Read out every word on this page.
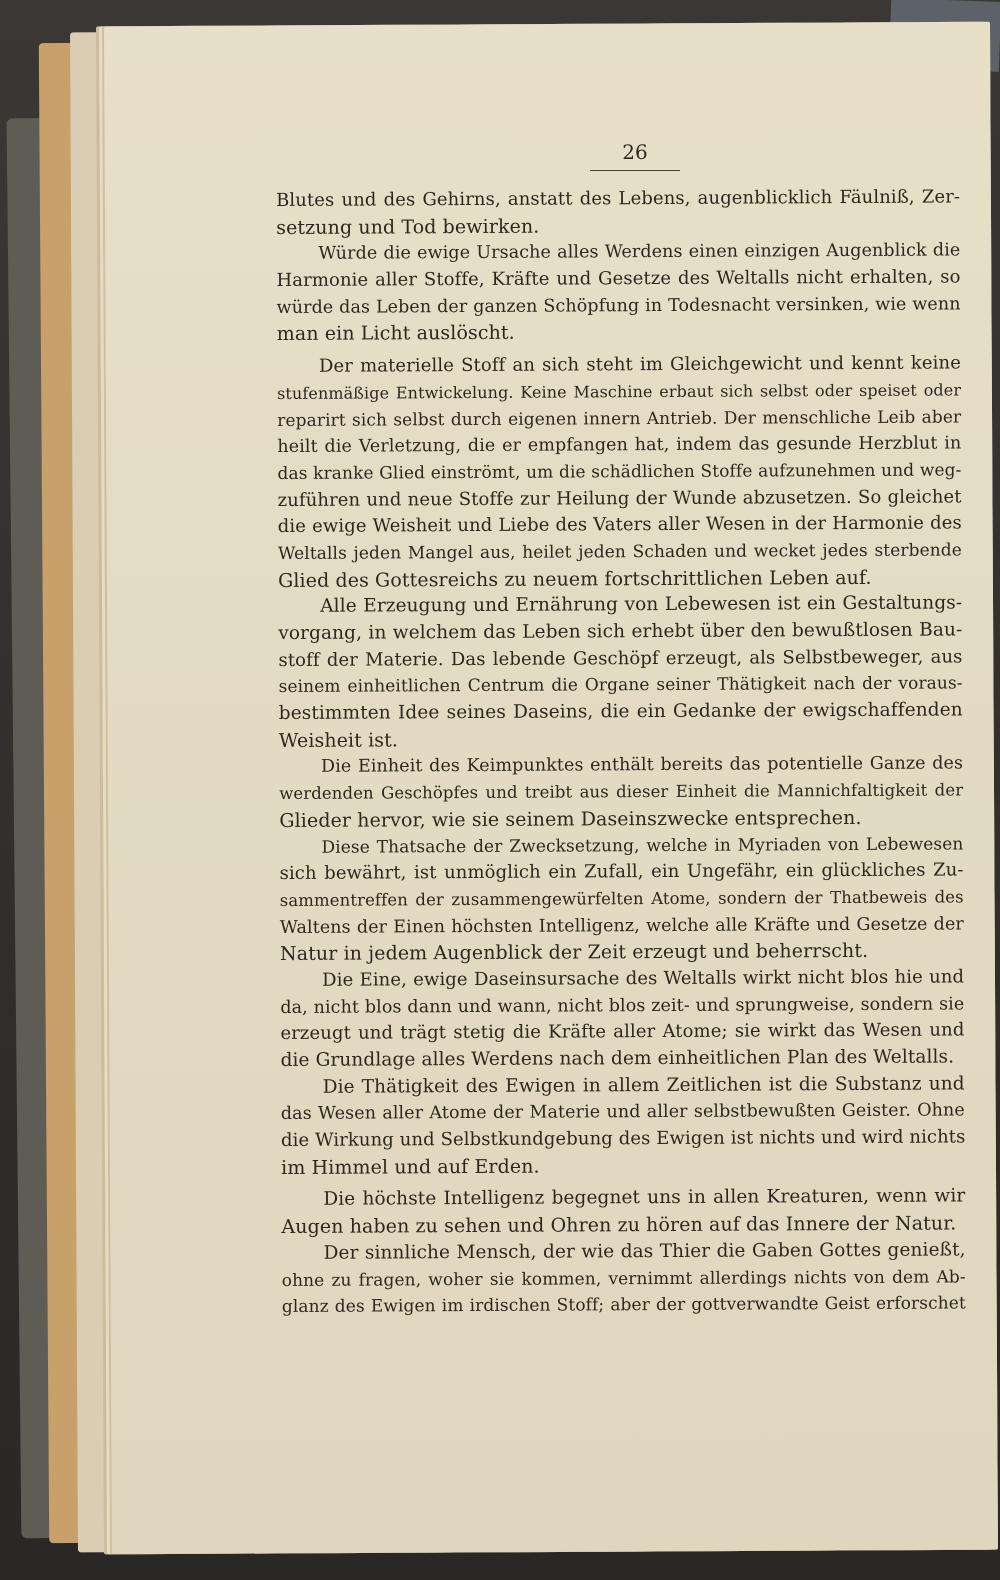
26
Blutes und des Gehirns, anstatt des Lebens, augenblicklich Fäulniß, Zer-
setzung und Tod bewirken.
Würde die ewige Ursache alles Werdens einen einzigen Augenblick die
Harmonie aller Stoffe, Kräfte und Gesetze des Weltalls nicht erhalten, so
würde das Leben der ganzen Schöpfung in Todesnacht versinken, wie wenn
man ein Licht auslöscht.
Der materielle Stoff an sich steht im Gleichgewicht und kennt keine
stufenmäßige Entwickelung. Keine Maschine erbaut sich selbst oder speiset oder
reparirt sich selbst durch eigenen innern Antrieb. Der menschliche Leib aber
heilt die Verletzung, die er empfangen hat, indem das gesunde Herzblut in
das kranke Glied einströmt, um die schädlichen Stoffe aufzunehmen und weg-
zuführen und neue Stoffe zur Heilung der Wunde abzusetzen. So gleichet
die ewige Weisheit und Liebe des Vaters aller Wesen in der Harmonie des
Weltalls jeden Mangel aus, heilet jeden Schaden und wecket jedes sterbende
Glied des Gottesreichs zu neuem fortschrittlichen Leben auf.
Alle Erzeugung und Ernährung von Lebewesen ist ein Gestaltungs-
vorgang, in welchem das Leben sich erhebt über den bewußtlosen Bau-
stoff der Materie. Das lebende Geschöpf erzeugt, als Selbstbeweger, aus
seinem einheitlichen Centrum die Organe seiner Thätigkeit nach der voraus-
bestimmten Idee seines Daseins, die ein Gedanke der ewigschaffenden
Weisheit ist.
Die Einheit des Keimpunktes enthält bereits das potentielle Ganze des
werdenden Geschöpfes und treibt aus dieser Einheit die Mannichfaltigkeit der
Glieder hervor, wie sie seinem Daseinszwecke entsprechen.
Diese Thatsache der Zwecksetzung, welche in Myriaden von Lebewesen
sich bewährt, ist unmöglich ein Zufall, ein Ungefähr, ein glückliches Zu-
sammentreffen der zusammengewürfelten Atome, sondern der Thatbeweis des
Waltens der Einen höchsten Intelligenz, welche alle Kräfte und Gesetze der
Natur in jedem Augenblick der Zeit erzeugt und beherrscht.
Die Eine, ewige Daseinsursache des Weltalls wirkt nicht blos hie und
da, nicht blos dann und wann, nicht blos zeit- und sprungweise, sondern sie
erzeugt und trägt stetig die Kräfte aller Atome; sie wirkt das Wesen und
die Grundlage alles Werdens nach dem einheitlichen Plan des Weltalls.
Die Thätigkeit des Ewigen in allem Zeitlichen ist die Substanz und
das Wesen aller Atome der Materie und aller selbstbewußten Geister. Ohne
die Wirkung und Selbstkundgebung des Ewigen ist nichts und wird nichts
im Himmel und auf Erden.
Die höchste Intelligenz begegnet uns in allen Kreaturen, wenn wir
Augen haben zu sehen und Ohren zu hören auf das Innere der Natur.
Der sinnliche Mensch, der wie das Thier die Gaben Gottes genießt,
ohne zu fragen, woher sie kommen, vernimmt allerdings nichts von dem Ab-
glanz des Ewigen im irdischen Stoff; aber der gottverwandte Geist erforschet
